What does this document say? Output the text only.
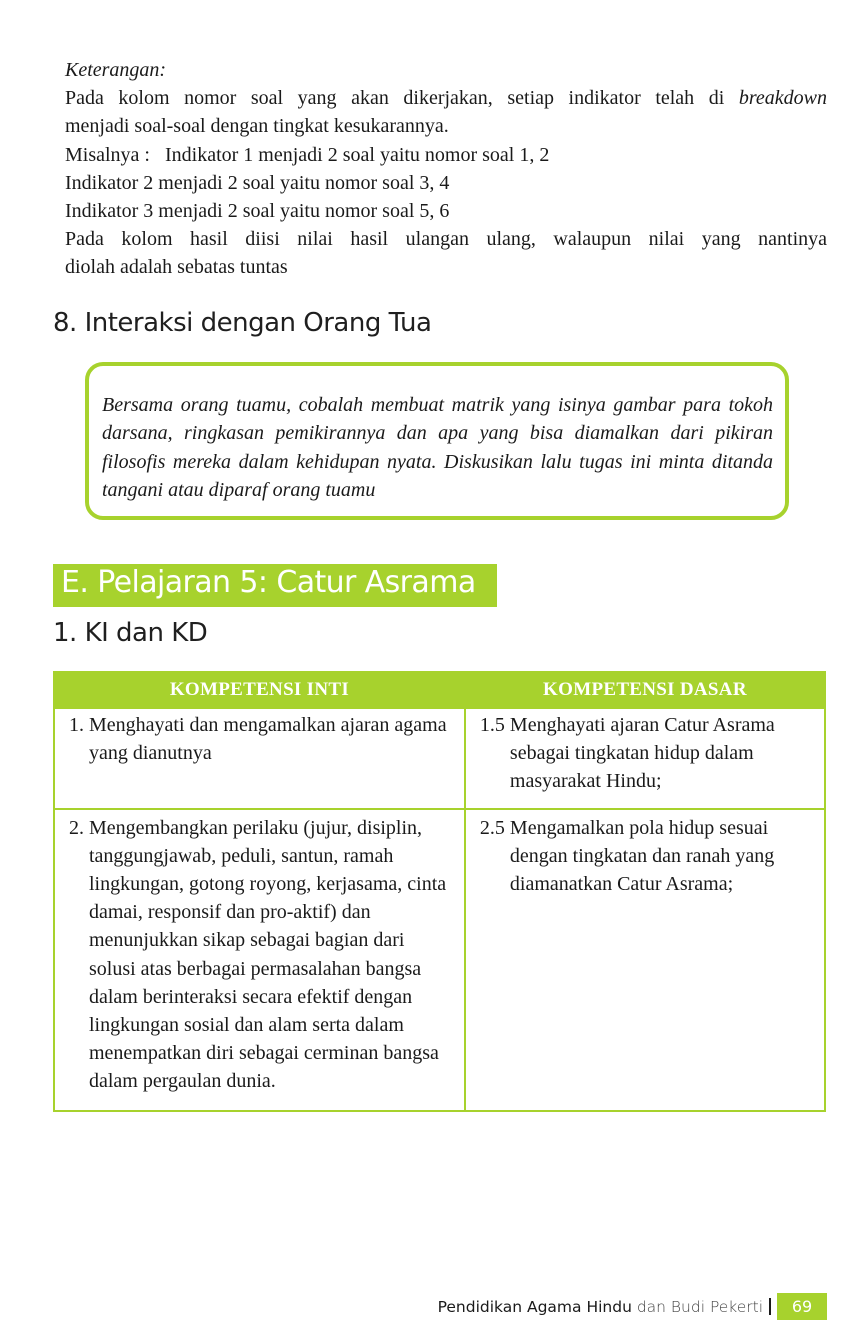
Keterangan:

Pada kolom nomor soal yang akan dikerjakan, setiap indikator telah di breakdown

menjadi soal-soal dengan tingkat kesukarannya.

Misalnya :   Indikator 1 menjadi 2 soal yaitu nomor soal 1, 2

Indikator 2 menjadi 2 soal yaitu nomor soal 3, 4

Indikator 3 menjadi 2 soal yaitu nomor soal 5, 6

Pada kolom hasil diisi nilai hasil ulangan ulang, walaupun nilai yang nantinya

diolah adalah sebatas tuntas

8. Interaksi dengan Orang Tua
Bersama orang tuamu, cobalah membuat matrik yang isinya gambar para tokoh darsana, ringkasan pemikirannya dan apa yang bisa diamalkan dari pikiran filosofis mereka dalam kehidupan nyata. Diskusikan lalu tugas ini minta ditanda tangani atau diparaf orang tuamu
E. Pelajaran 5: Catur Asrama
1. KI dan KD
KOMPETENSI INTI	KOMPETENSI DASAR

1. Menghayati dan mengamalkan ajaran agama yang dianutnya	1.5 Menghayati ajaran Catur Asrama sebagai tingkatan hidup dalam masyarakat Hindu;

2. Mengembangkan perilaku (jujur, disiplin, tanggungjawab, peduli, santun, ramah lingkungan, gotong royong, kerjasama, cinta damai, responsif dan pro-aktif) dan menunjukkan sikap sebagai bagian dari solusi atas berbagai permasalahan bangsa dalam berinteraksi secara efektif dengan lingkungan sosial dan alam serta dalam menempatkan diri sebagai cerminan bangsa dalam pergaulan dunia.	2.5 Mengamalkan pola hidup sesuai dengan tingkatan dan ranah yang diamanatkan Catur Asrama;
Pendidikan Agama Hindu dan Budi Pekerti	69
